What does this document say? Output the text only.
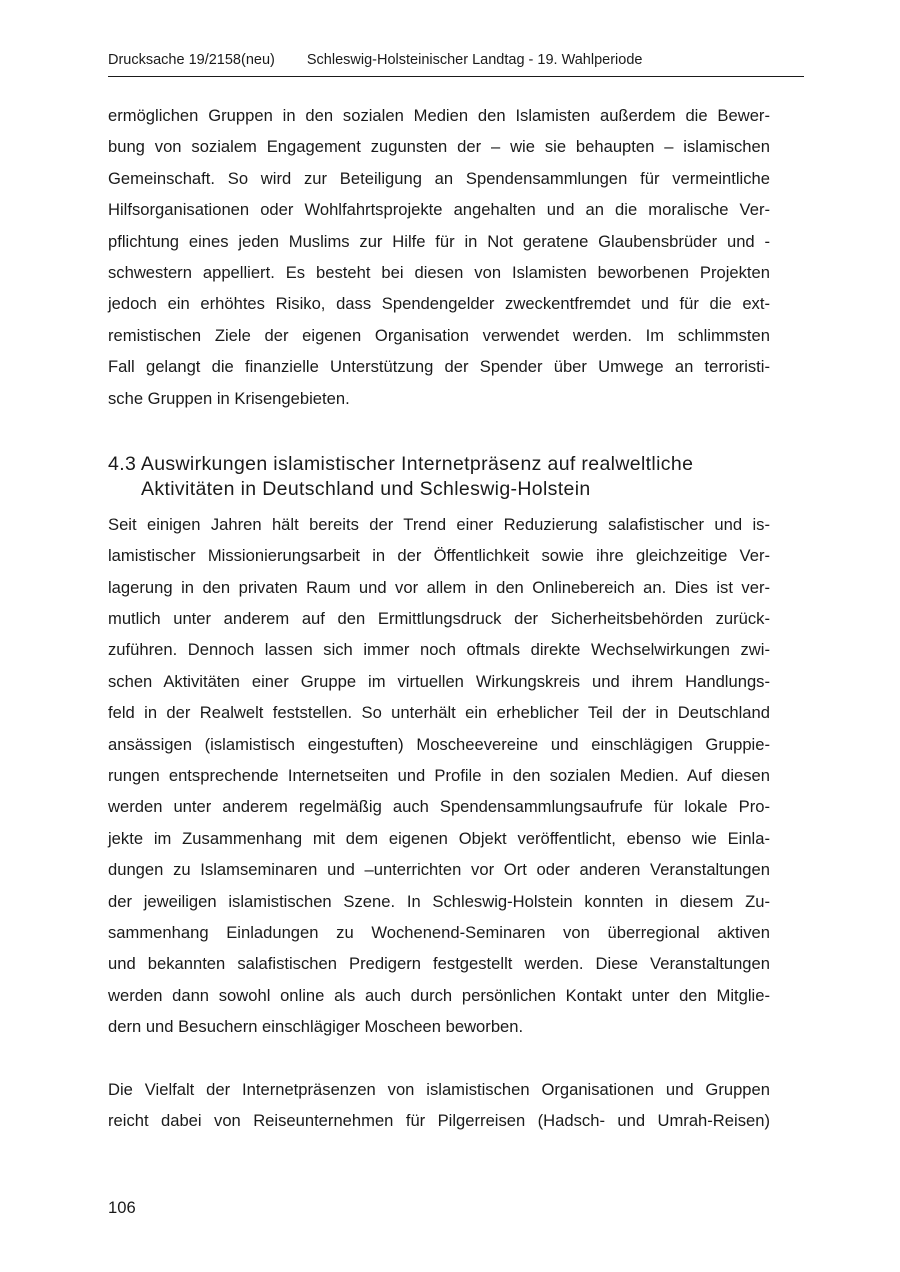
Drucksache 19/2158(neu) Schleswig-Holsteinischer Landtag - 19. Wahlperiode
ermöglichen Gruppen in den sozialen Medien den Islamisten außerdem die Bewer-
bung von sozialem Engagement zugunsten der – wie sie behaupten – islamischen
Gemeinschaft. So wird zur Beteiligung an Spendensammlungen für vermeintliche
Hilfsorganisationen oder Wohlfahrtsprojekte angehalten und an die moralische Ver-
pflichtung eines jeden Muslims zur Hilfe für in Not geratene Glaubensbrüder und -
schwestern appelliert. Es besteht bei diesen von Islamisten beworbenen Projekten
jedoch ein erhöhtes Risiko, dass Spendengelder zweckentfremdet und für die ext-
remistischen Ziele der eigenen Organisation verwendet werden. Im schlimmsten
Fall gelangt die finanzielle Unterstützung der Spender über Umwege an terroristi-
sche Gruppen in Krisengebieten.
4.3 Auswirkungen islamistischer Internetpräsenz auf realweltliche
Aktivitäten in Deutschland und Schleswig-Holstein
Seit einigen Jahren hält bereits der Trend einer Reduzierung salafistischer und is-
lamistischer Missionierungsarbeit in der Öffentlichkeit sowie ihre gleichzeitige Ver-
lagerung in den privaten Raum und vor allem in den Onlinebereich an. Dies ist ver-
mutlich unter anderem auf den Ermittlungsdruck der Sicherheitsbehörden zurück-
zuführen. Dennoch lassen sich immer noch oftmals direkte Wechselwirkungen zwi-
schen Aktivitäten einer Gruppe im virtuellen Wirkungskreis und ihrem Handlungs-
feld in der Realwelt feststellen. So unterhält ein erheblicher Teil der in Deutschland
ansässigen (islamistisch eingestuften) Moscheevereine und einschlägigen Gruppie-
rungen entsprechende Internetseiten und Profile in den sozialen Medien. Auf diesen
werden unter anderem regelmäßig auch Spendensammlungsaufrufe für lokale Pro-
jekte im Zusammenhang mit dem eigenen Objekt veröffentlicht, ebenso wie Einla-
dungen zu Islamseminaren und –unterrichten vor Ort oder anderen Veranstaltungen
der jeweiligen islamistischen Szene. In Schleswig-Holstein konnten in diesem Zu-
sammenhang Einladungen zu Wochenend-Seminaren von überregional aktiven
und bekannten salafistischen Predigern festgestellt werden. Diese Veranstaltungen
werden dann sowohl online als auch durch persönlichen Kontakt unter den Mitglie-
dern und Besuchern einschlägiger Moscheen beworben.
Die Vielfalt der Internetpräsenzen von islamistischen Organisationen und Gruppen
reicht dabei von Reiseunternehmen für Pilgerreisen (Hadsch- und Umrah-Reisen)
106
